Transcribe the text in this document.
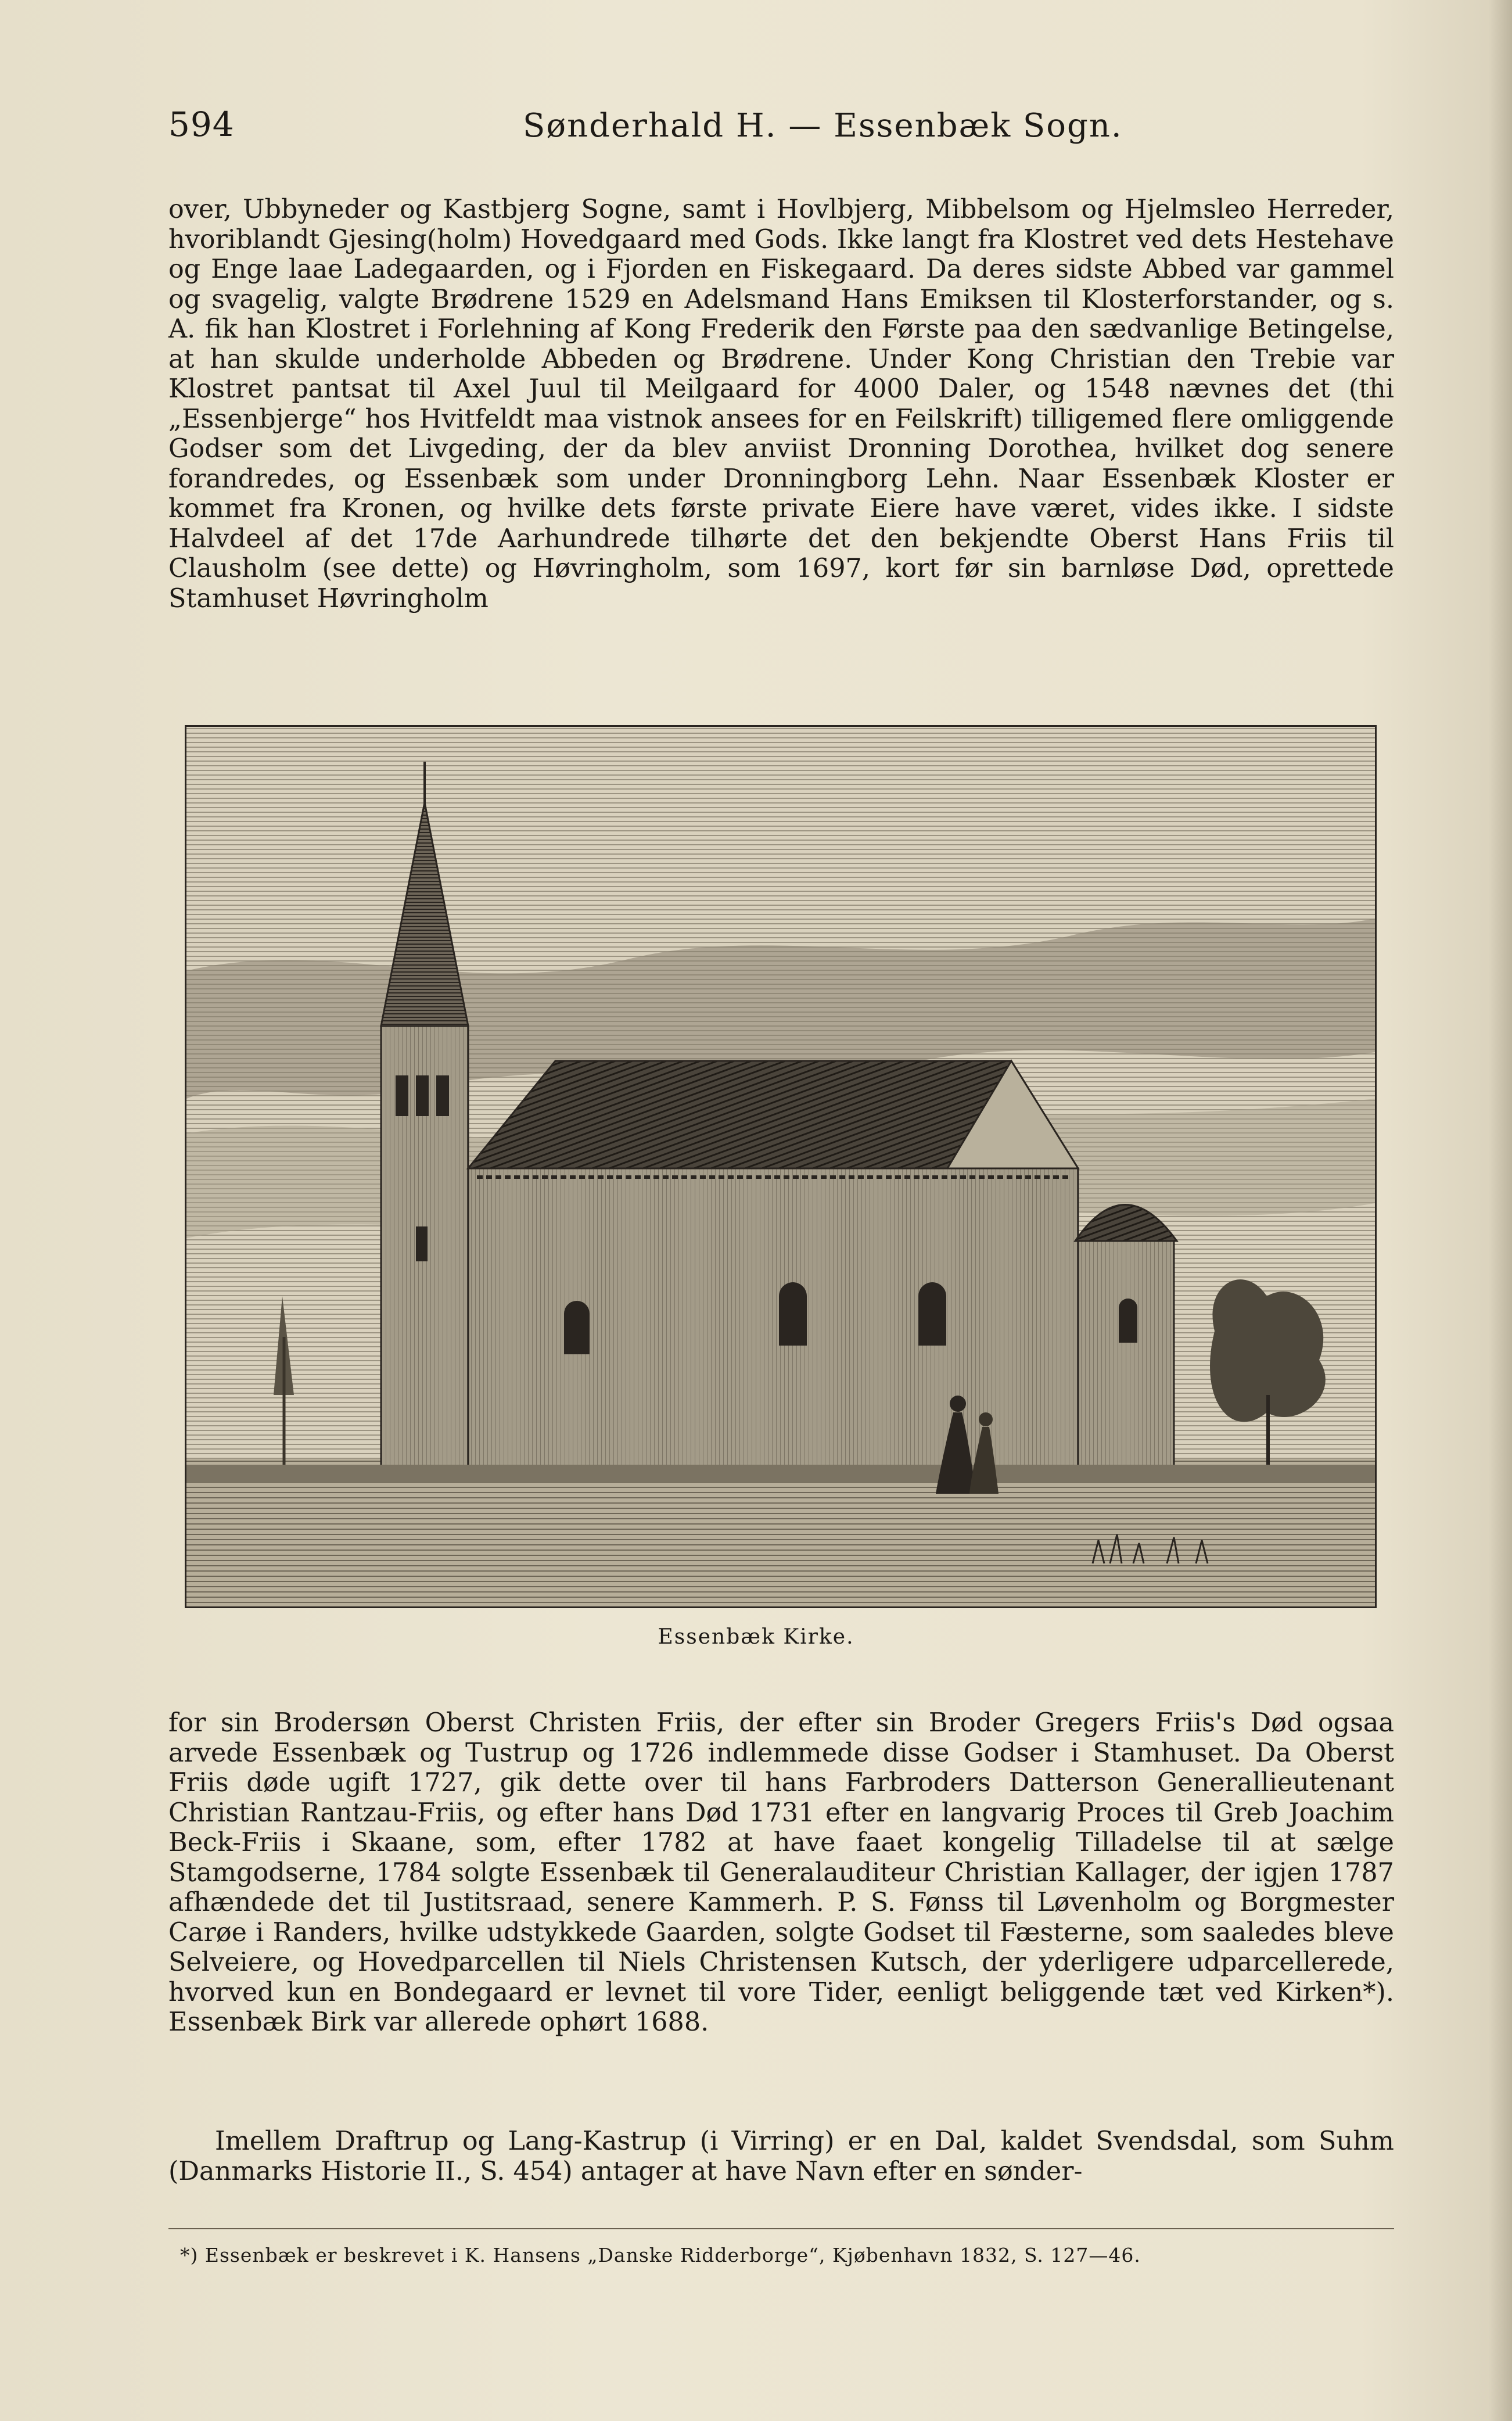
594	Sønderhald H. — Essenbæk Sogn.

over, Ubbyneder og Kastbjerg Sogne, samt i Hovlbjerg, Mibbelsom og Hjelmsleo Herreder, hvoriblandt Gjesing(holm) Hovedgaard med Gods. Ikke langt fra Klostret ved dets Hestehave og Enge laae Ladegaarden, og i Fjorden en Fiskegaard. Da deres sidste Abbed var gammel og svagelig, valgte Brødrene 1529 en Adelsmand Hans Emiksen til Klosterforstander, og s. A. fik han Klostret i Forlehning af Kong Frederik den Første paa den sædvanlige Betingelse, at han skulde underholde Abbeden og Brødrene. Under Kong Christian den Trebie var Klostret pantsat til Axel Juul til Meilgaard for 4000 Daler, og 1548 nævnes det (thi „Essenbjerge“ hos Hvitfeldt maa vistnok ansees for en Feilskrift) tilligemed flere omliggende Godser som det Livgeding, der da blev anviist Dronning Dorothea, hvilket dog senere forandredes, og Essenbæk som under Dronningborg Lehn. Naar Essenbæk Kloster er kommet fra Kronen, og hvilke dets første private Eiere have været, vides ikke. I sidste Halvdeel af det 17de Aarhundrede tilhørte det den bekjendte Oberst Hans Friis til Clausholm (see dette) og Høvringholm, som 1697, kort før sin barnløse Død, oprettede Stamhuset Høvringholm

Essenbæk Kirke.

for sin Brodersøn Oberst Christen Friis, der efter sin Broder Gregers Friis's Død ogsaa arvede Essenbæk og Tustrup og 1726 indlemmede disse Godser i Stamhuset. Da Oberst Friis døde ugift 1727, gik dette over til hans Farbroders Datterson Generallieutenant Christian Rantzau-Friis, og efter hans Død 1731 efter en langvarig Proces til Greb Joachim Beck-Friis i Skaane, som, efter 1782 at have faaet kongelig Tilladelse til at sælge Stamgodserne, 1784 solgte Essenbæk til Generalauditeur Christian Kallager, der igjen 1787 afhændede det til Justitsraad, senere Kammerh. P. S. Fønss til Løvenholm og Borgmester Carøe i Randers, hvilke udstykkede Gaarden, solgte Godset til Fæsterne, som saaledes bleve Selveiere, og Hovedparcellen til Niels Christensen Kutsch, der yderligere udparcellerede, hvorved kun en Bondegaard er levnet til vore Tider, eenligt beliggende tæt ved Kirken*). Essenbæk Birk var allerede ophørt 1688.

Imellem Draftrup og Lang-Kastrup (i Virring) er en Dal, kaldet Svendsdal, som Suhm (Danmarks Historie II., S. 454) antager at have Navn efter en sønder-

*) Essenbæk er beskrevet i K. Hansens „Danske Ridderborge“, Kjøbenhavn 1832, S. 127—46.
